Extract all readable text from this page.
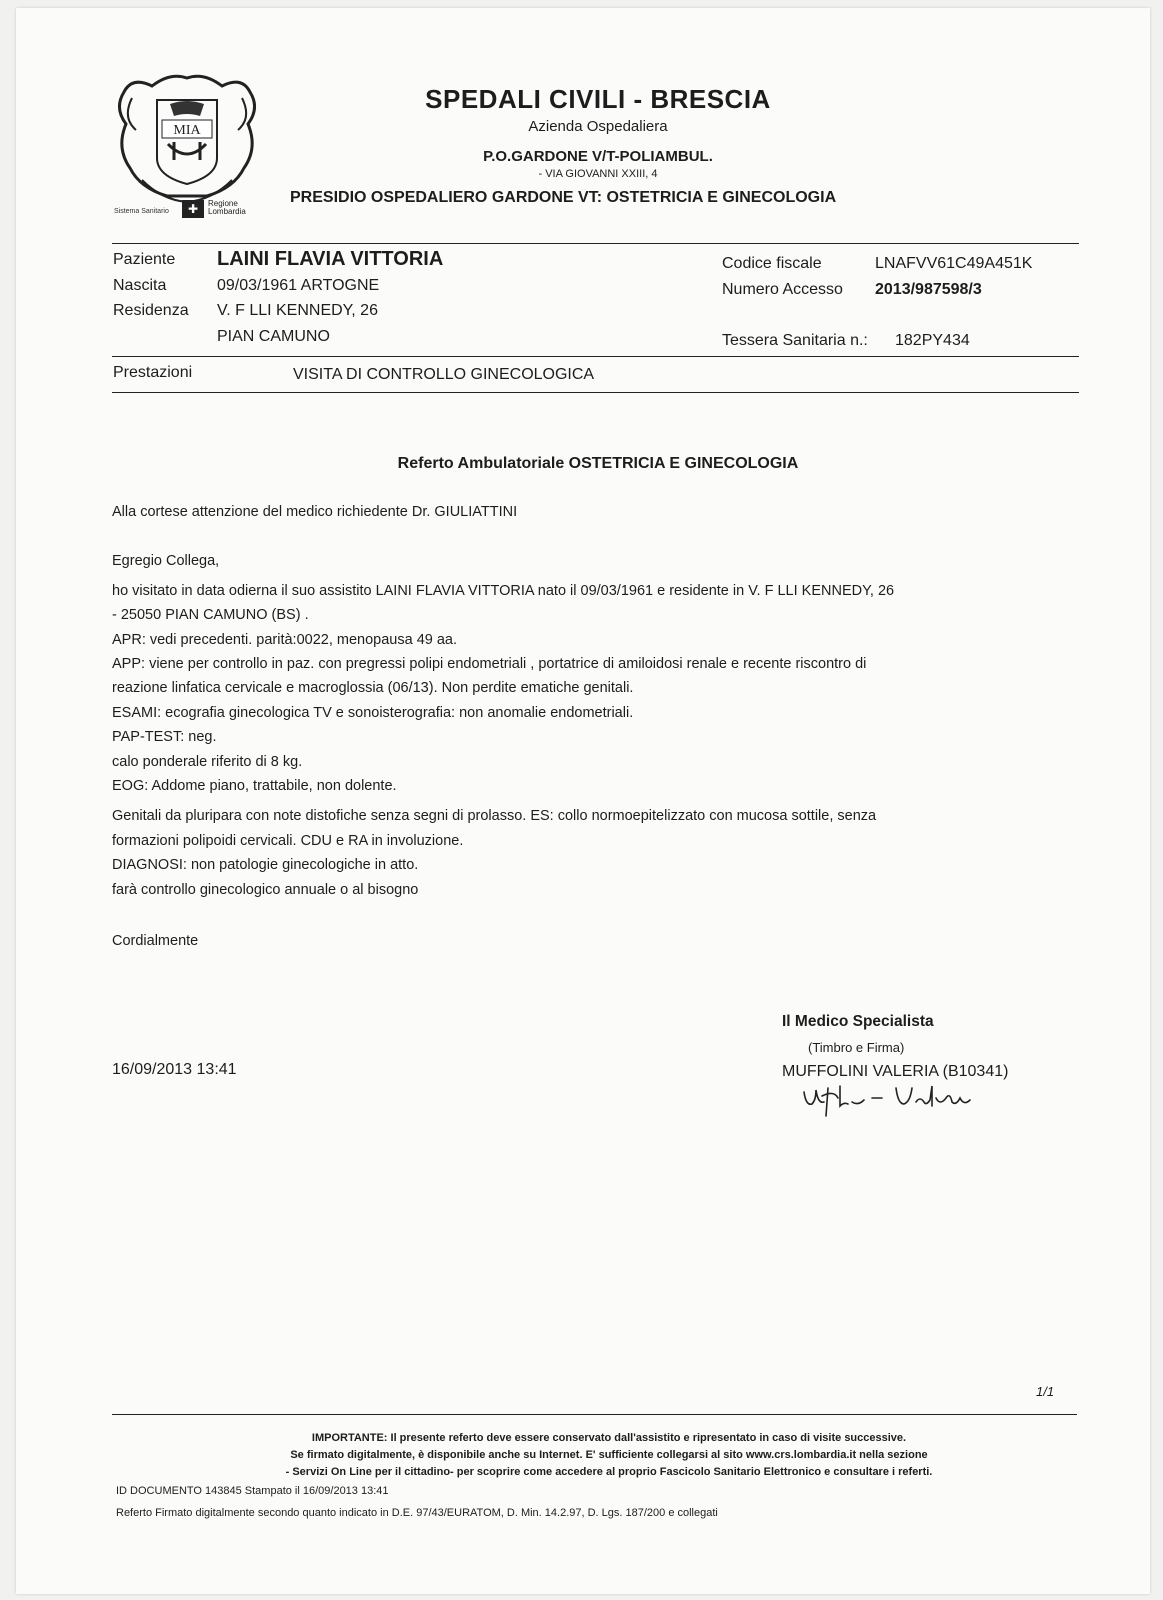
MIA
Sistema Sanitario	✚	Regione
Lombardia
SPEDALI CIVILI - BRESCIA
Azienda Ospedaliera
P.O.GARDONE V/T-POLIAMBUL.
- VIA GIOVANNI XXIII, 4
PRESIDIO OSPEDALIERO GARDONE VT: OSTETRICIA E GINECOLOGIA
Paziente LAINI FLAVIA VITTORIA
Nascita	09/03/1961 ARTOGNE
Residenza V. F LLI KENNEDY, 26
PIAN CAMUNO
Codice fiscale	LNAFVV61C49A451K
Numero Accesso 2013/987598/3
Tessera Sanitaria n.: 182PY434
Prestazioni	VISITA DI CONTROLLO GINECOLOGICA
Referto Ambulatoriale OSTETRICIA E GINECOLOGIA
Alla cortese attenzione del medico richiedente Dr. GIULIATTINI
Egregio Collega,
ho visitato in data odierna il suo assistito LAINI FLAVIA VITTORIA nato il 09/03/1961 e residente in V. F LLI KENNEDY, 26
- 25050 PIAN CAMUNO (BS) .
APR: vedi precedenti. parità:0022, menopausa 49 aa.
APP: viene per controllo in paz. con pregressi polipi endometriali , portatrice di amiloidosi renale e recente riscontro di
reazione linfatica cervicale e macroglossia (06/13). Non perdite ematiche genitali.
ESAMI: ecografia ginecologica TV e sonoisterografia: non anomalie endometriali.
PAP-TEST: neg.
calo ponderale riferito di 8 kg.
EOG: Addome piano, trattabile, non dolente.
Genitali da pluripara con note distofiche senza segni di prolasso. ES: collo normoepitelizzato con mucosa sottile, senza
formazioni polipoidi cervicali. CDU e RA in involuzione.
DIAGNOSI: non patologie ginecologiche in atto.
farà controllo ginecologico annuale o al bisogno
Cordialmente
16/09/2013 13:41
Il Medico Specialista
(Timbro e Firma)
MUFFOLINI VALERIA (B10341)
1/1
IMPORTANTE: Il presente referto deve essere conservato dall'assistito e ripresentato in caso di visite successive.
Se firmato digitalmente, è disponibile anche su Internet. E' sufficiente collegarsi al sito www.crs.lombardia.it nella sezione
- Servizi On Line per il cittadino- per scoprire come accedere al proprio Fascicolo Sanitario Elettronico e consultare i referti.
ID DOCUMENTO 143845 Stampato il 16/09/2013 13:41
Referto Firmato digitalmente secondo quanto indicato in D.E. 97/43/EURATOM, D. Min. 14.2.97, D. Lgs. 187/200 e collegati
